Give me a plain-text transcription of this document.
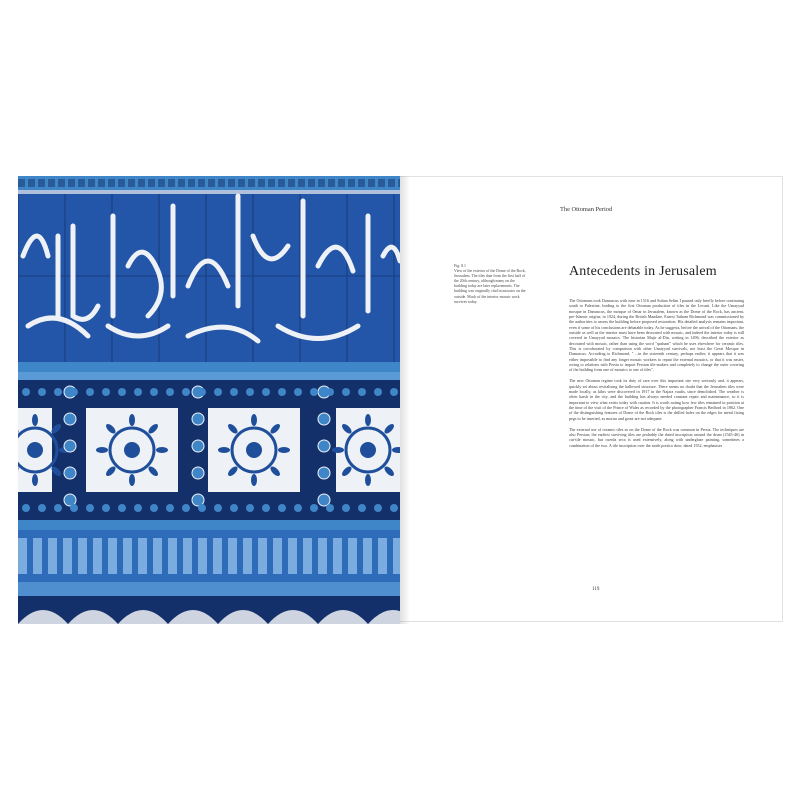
The Ottoman Period
Fig. 8.1
View of the exterior of the Dome of the Rock, Jerusalem. The tiles date from the first half of the 20th century, although many on the building today are later replacements. The building was originally clad in mosaics on the outside. Much of the interior mosaic work survives today.
Antecedents in Jerusalem

The Ottomans took Damascus with ease in 1516 and Sultan Selim I paused only briefly before continuing south to Palestine, leading to the first Ottoman production of tiles in the Levant. Like the Umayyad mosque in Damascus, the mosque of Omar in Jerusalem, known as the Dome of the Rock, has ancient, pre-Islamic origins; in 1924, during the British Mandate, Ernest Tatham Richmond was commissioned by the authorities to assess the building before proposed restoration. His detailed analysis remains important, even if some of his conclusions are debatable today. As he suggests, before the arrival of the Ottomans, the outside as well as the interior must have been decorated with mosaic, and indeed the interior today is still covered in Umayyad mosaics. The historian Mujir al-Din, writing in 1496, described the exterior as decorated with mosaic, rather than using the word "qashani" which he uses elsewhere for ceramic tiles. This is corroborated by comparison with other Umayyad survivals, not least the Great Mosque in Damascus. According to Richmond, " ...in the sixteenth century, perhaps earlier, it appears that it was either impossible to find any longer mosaic workers to repair the external mosaics, or that it was easier, owing to relations with Persia to import Persian tile-makers and completely to change the outer covering of the building from one of mosaics to one of tiles".

The new Ottoman regime took its duty of care over this important site very seriously and, it appears, quickly set about revitalising the hallowed structure. There seems no doubt that the Jerusalem tiles were made locally, as kilns were discovered in 1917 in the Najara vaults, since demolished. The weather is often harsh in the city, and the building has always needed constant repair and maintenance, so it is important to view what exists today with caution. It is worth noting how few tiles remained in position at the time of the visit of the Prince of Wales as recorded by the photographer Francis Bedford in 1862. One of the distinguishing features of Dome of the Rock tiles is the drilled holes on the edges for metal fixing pegs to be inserted, as mortar and grout are not adequate.

The external use of ceramic tiles as on the Dome of the Rock was common in Persia. The techniques are also Persian; the earliest surviving tiles are probably the dated inscription around the drum (1545-46) in cut-tile mosaic, but cuerda seca is used extensively, along with underglaze painting, sometimes a combination of the two. A tile inscription over the north portico door, dated 1552, emphasises

119
